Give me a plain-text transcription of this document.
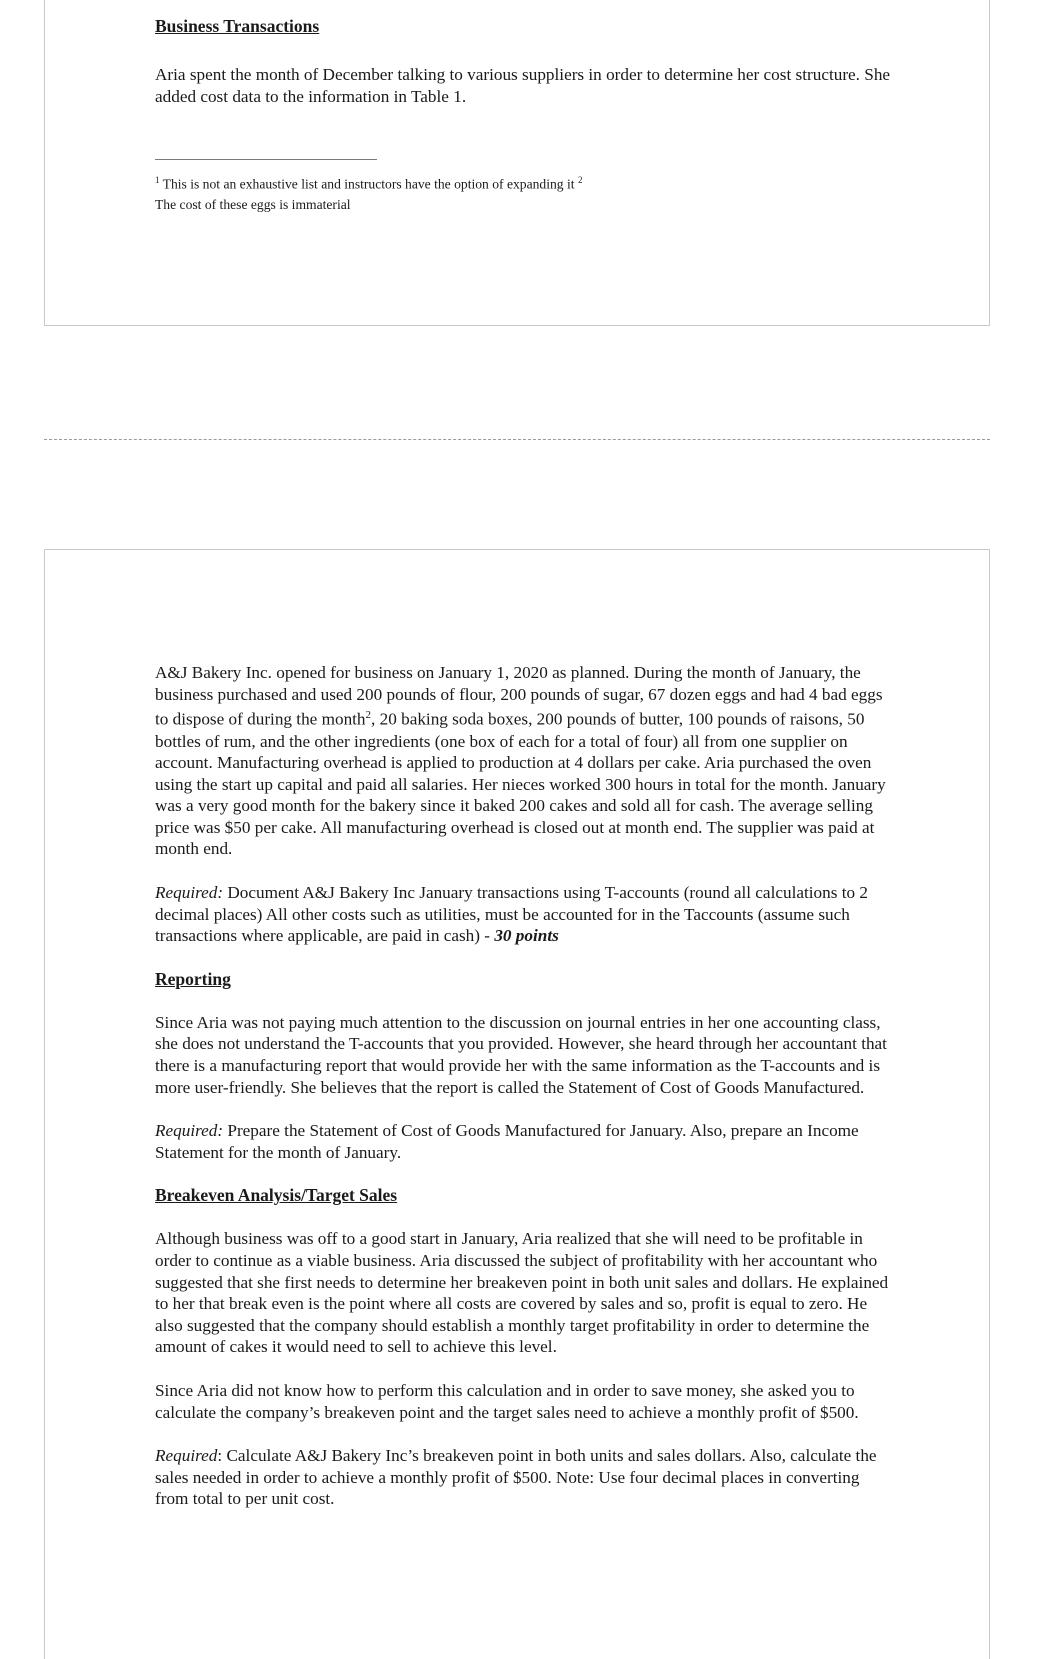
Business Transactions

Aria spent the month of December talking to various suppliers in order to determine her cost structure. She added cost data to the information in Table 1.

$^1$ This is not an exhaustive list and instructors have the option of expanding it $^2$

The cost of these eggs is immaterial

A&J Bakery Inc. opened for business on January 1, 2020 as planned. During the month of January, the business purchased and used 200 pounds of flour, 200 pounds of sugar, 67 dozen eggs and had 4 bad eggs to dispose of during the month$^2$, 20 baking soda boxes, 200 pounds of butter, 100 pounds of raisons, 50 bottles of rum, and the other ingredients (one box of each for a total of four) all from one supplier on account. Manufacturing overhead is applied to production at 4 dollars per cake. Aria purchased the oven using the start up capital and paid all salaries. Her nieces worked 300 hours in total for the month. January was a very good month for the bakery since it baked 200 cakes and sold all for cash. The average selling price was $50 per cake. All manufacturing overhead is closed out at month end. The supplier was paid at month end.

Required: Document A&J Bakery Inc January transactions using T-accounts (round all calculations to 2 decimal places) All other costs such as utilities, must be accounted for in the Taccounts (assume such transactions where applicable, are paid in cash) - 30 points

Reporting

Since Aria was not paying much attention to the discussion on journal entries in her one accounting class, she does not understand the T-accounts that you provided. However, she heard through her accountant that there is a manufacturing report that would provide her with the same information as the T-accounts and is more user-friendly. She believes that the report is called the Statement of Cost of Goods Manufactured.

Required: Prepare the Statement of Cost of Goods Manufactured for January. Also, prepare an Income Statement for the month of January.

Breakeven Analysis/Target Sales

Although business was off to a good start in January, Aria realized that she will need to be profitable in order to continue as a viable business. Aria discussed the subject of profitability with her accountant who suggested that she first needs to determine her breakeven point in both unit sales and dollars. He explained to her that break even is the point where all costs are covered by sales and so, profit is equal to zero. He also suggested that the company should establish a monthly target profitability in order to determine the amount of cakes it would need to sell to achieve this level.

Since Aria did not know how to perform this calculation and in order to save money, she asked you to calculate the company’s breakeven point and the target sales need to achieve a monthly profit of $500.

Required: Calculate A&J Bakery Inc’s breakeven point in both units and sales dollars. Also, calculate the sales needed in order to achieve a monthly profit of $500. Note: Use four decimal places in converting from total to per unit cost.
